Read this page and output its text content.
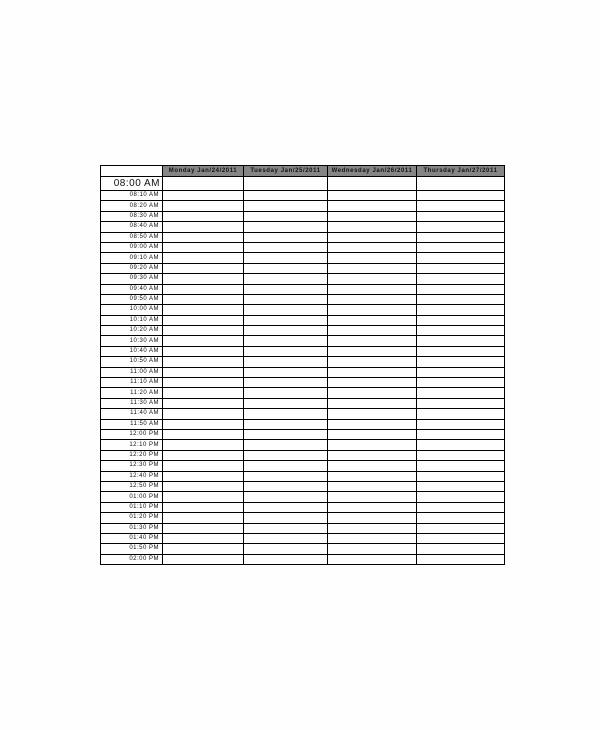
	Monday Jan/24/2011	Tuesday Jan/25/2011	Wednesday Jan/26/2011	Thursday Jan/27/2011
08:00 AM				
08:10 AM				
08:20 AM				
08:30 AM				
08:40 AM				
08:50 AM				
09:00 AM				
09:10 AM				
09:20 AM				
09:30 AM				
09:40 AM				
09:50 AM				
10:00 AM				
10:10 AM				
10:20 AM				
10:30 AM				
10:40 AM				
10:50 AM				
11:00 AM				
11:10 AM				
11:20 AM				
11:30 AM				
11:40 AM				
11:50 AM				
12:00 PM				
12:10 PM				
12:20 PM				
12:30 PM				
12:40 PM				
12:50 PM				
01:00 PM				
01:10 PM				
01:20 PM				
01:30 PM				
01:40 PM				
01:50 PM				
02:00 PM				
